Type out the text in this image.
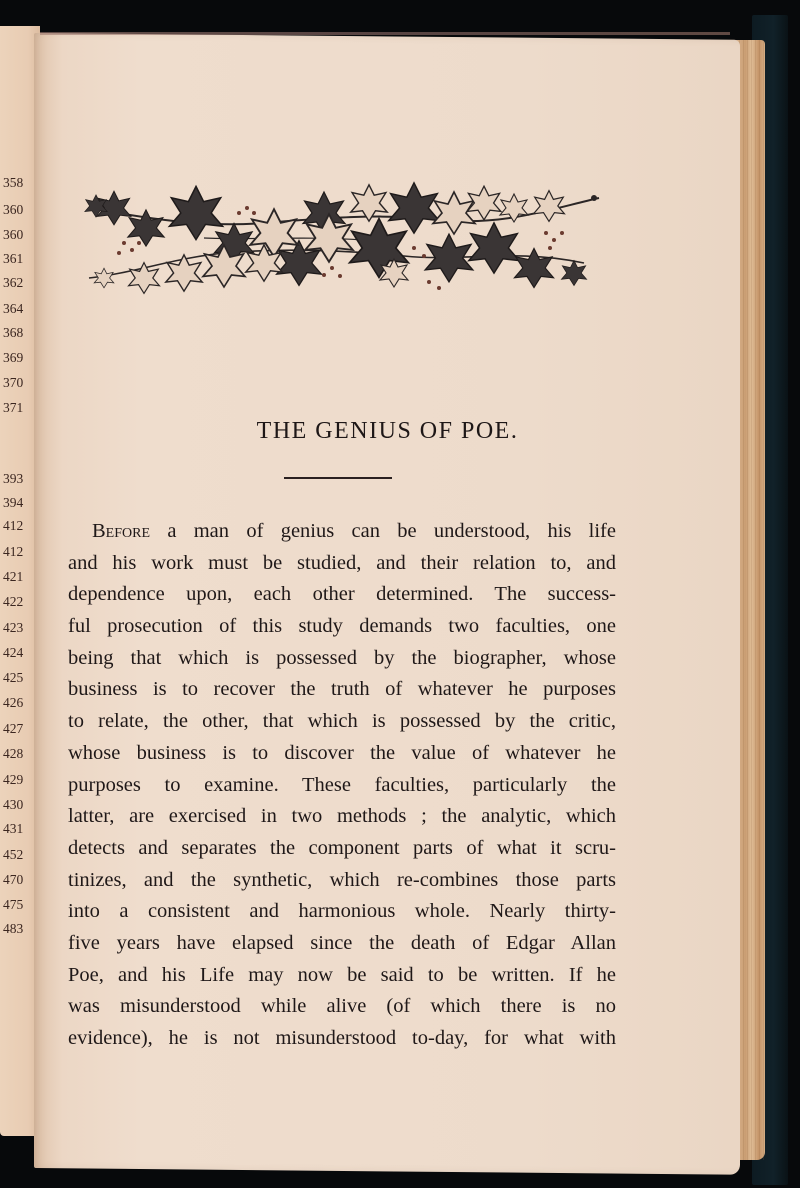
358
360
360
361
362
364
368
369
370
371
393
394
412
412
421
422
423
424
425
426
427
428
429
430
431
452
470
475
483
THE GENIUS OF POE.
Before a man of genius can be understood, his life
and his work must be studied, and their relation to, and
dependence upon, each other determined. The success-
ful prosecution of this study demands two faculties, one
being that which is possessed by the biographer, whose
business is to recover the truth of whatever he purposes
to relate, the other, that which is possessed by the critic,
whose business is to discover the value of whatever he
purposes to examine. These faculties, particularly the
latter, are exercised in two methods ; the analytic, which
detects and separates the component parts of what it scru-
tinizes, and the synthetic, which re-combines those parts
into a consistent and harmonious whole. Nearly thirty-
five years have elapsed since the death of Edgar Allan
Poe, and his Life may now be said to be written. If he
was misunderstood while alive (of which there is no
evidence), he is not misunderstood to-day, for what with
